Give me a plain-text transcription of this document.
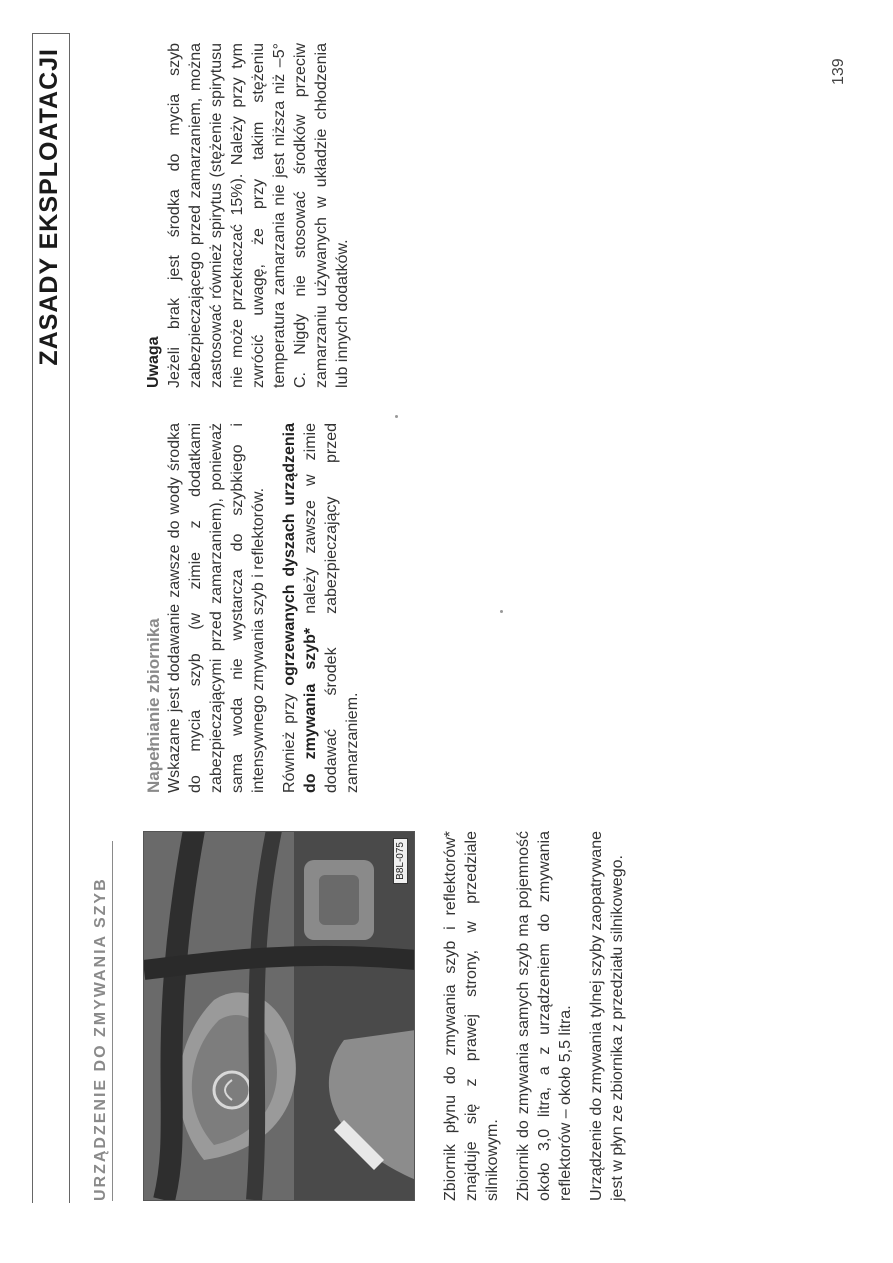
ZASADY EKSPLOATACJI
URZĄDZENIE DO ZMYWANIA SZYB
B8L-075 Zbiornik płynu do zmywania szyb i reflektorów* znajduje się z prawej strony, w przedziale silnikowym. Zbiornik do zmywania samych szyb ma pojemność około 3,0 litra, a z urządzeniem do zmywania reflektorów – około 5,5 litra. Urządzenie do zmywania tylnej szyby zaopatrywane jest w płyn ze zbiornika z przedziału silnikowego.

Napełnianie zbiornika Wskazane jest dodawanie zawsze do wody środka do mycia szyb (w zimie z dodatkami zabezpieczającymi przed zamarzaniem), ponieważ sama woda nie wystarcza do szybkiego i intensywnego zmywania szyb i reflektorów. Również przy ogrzewanych dyszach urządzenia do zmywania szyb* należy zawsze w zimie dodawać środek zabezpieczający przed zamarzaniem.

Uwaga Jeżeli brak jest środka do mycia szyb zabezpieczającego przed zamarzaniem, można zastosować również spirytus (stężenie spirytusu nie może przekraczać 15%). Należy przy tym zwrócić uwagę, że przy takim stężeniu temperatura zamarzania nie jest niższa niż –5° C. Nigdy nie stosować środków przeciw zamarzaniu używanych w układzie chłodzenia lub innych dodatków.

139
